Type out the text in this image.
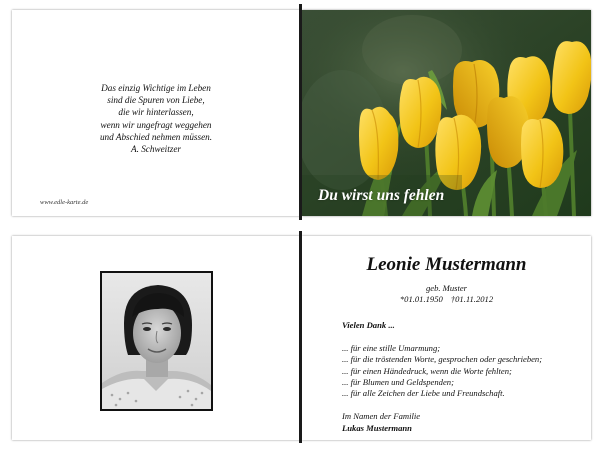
Das einzig Wichtige im Leben
sind die Spuren von Liebe,
die wir hinterlassen,
wenn wir ungefragt weggehen
und Abschied nehmen müssen.
A. Schweitzer
www.edle-karte.de	Du wirst uns fehlen
Leonie Mustermann
geb. Muster
*01.01.1950 †01.11.2012
Vielen Dank ...
... für eine stille Umarmung;
... für die tröstenden Worte, gesprochen oder geschrieben;
... für einen Händedruck, wenn die Worte fehlten;
... für Blumen und Geldspenden;
... für alle Zeichen der Liebe und Freundschaft.
Im Namen der Familie
Lukas Mustermann
